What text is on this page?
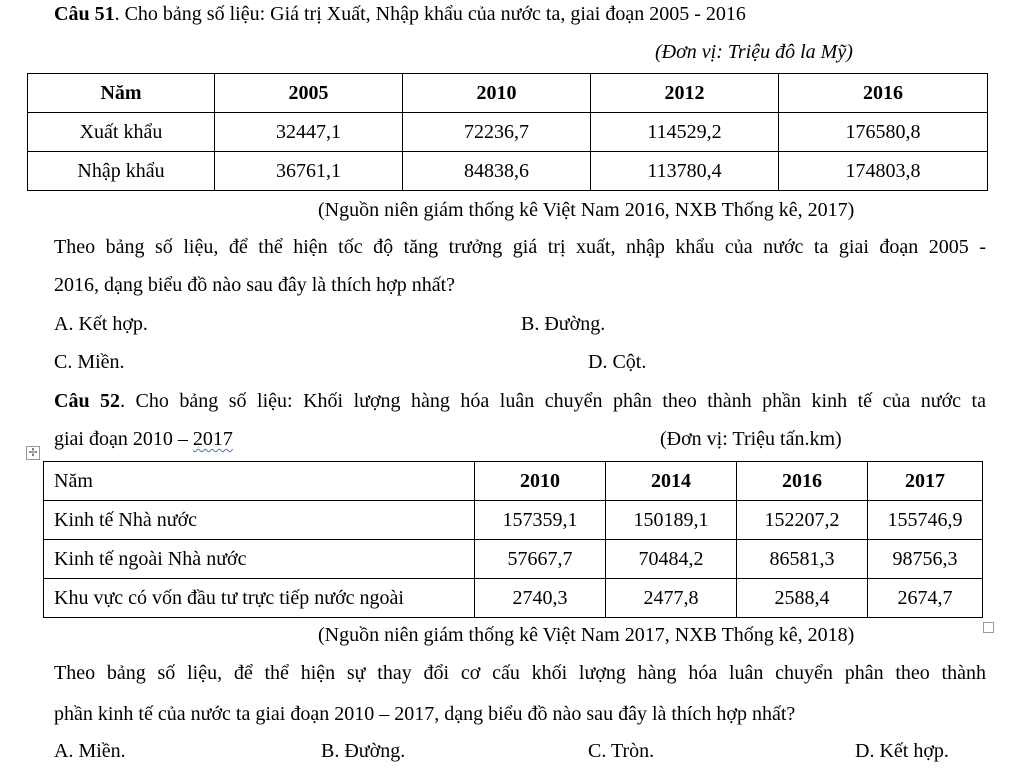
Câu 51. Cho bảng số liệu: Giá trị Xuất, Nhập khẩu của nước ta, giai đoạn 2005 - 2016
(Đơn vị: Triệu đô la Mỹ)
Năm	2005	2010	2012	2016
Xuất khẩu	32447,1	72236,7	114529,2	176580,8
Nhập khẩu	36761,1	84838,6	113780,4	174803,8
(Nguồn niên giám thống kê Việt Nam 2016, NXB Thống kê, 2017)
Theo bảng số liệu, để thể hiện tốc độ tăng trưởng giá trị xuất, nhập khẩu của nước ta giai đoạn 2005 -
2016, dạng biểu đồ nào sau đây là thích hợp nhất?
A. Kết hợp.	B. Đường.
C. Miền.	D. Cột.
Câu 52. Cho bảng số liệu: Khối lượng hàng hóa luân chuyển phân theo thành phần kinh tế của nước ta
giai đoạn 2010 – 2017	(Đơn vị: Triệu tấn.km)
✢
Năm	2010	2014	2016	2017
Kinh tế Nhà nước	157359,1	150189,1	152207,2	155746,9
Kinh tế ngoài Nhà nước	57667,7	70484,2	86581,3	98756,3
Khu vực có vốn đầu tư trực tiếp nước ngoài	2740,3	2477,8	2588,4	2674,7
(Nguồn niên giám thống kê Việt Nam 2017, NXB Thống kê, 2018)
Theo bảng số liệu, để thể hiện sự thay đổi cơ cấu khối lượng hàng hóa luân chuyển phân theo thành
phần kinh tế của nước ta giai đoạn 2010 – 2017, dạng biểu đồ nào sau đây là thích hợp nhất?
A. Miền.	B. Đường.	C. Tròn.	D. Kết hợp.
